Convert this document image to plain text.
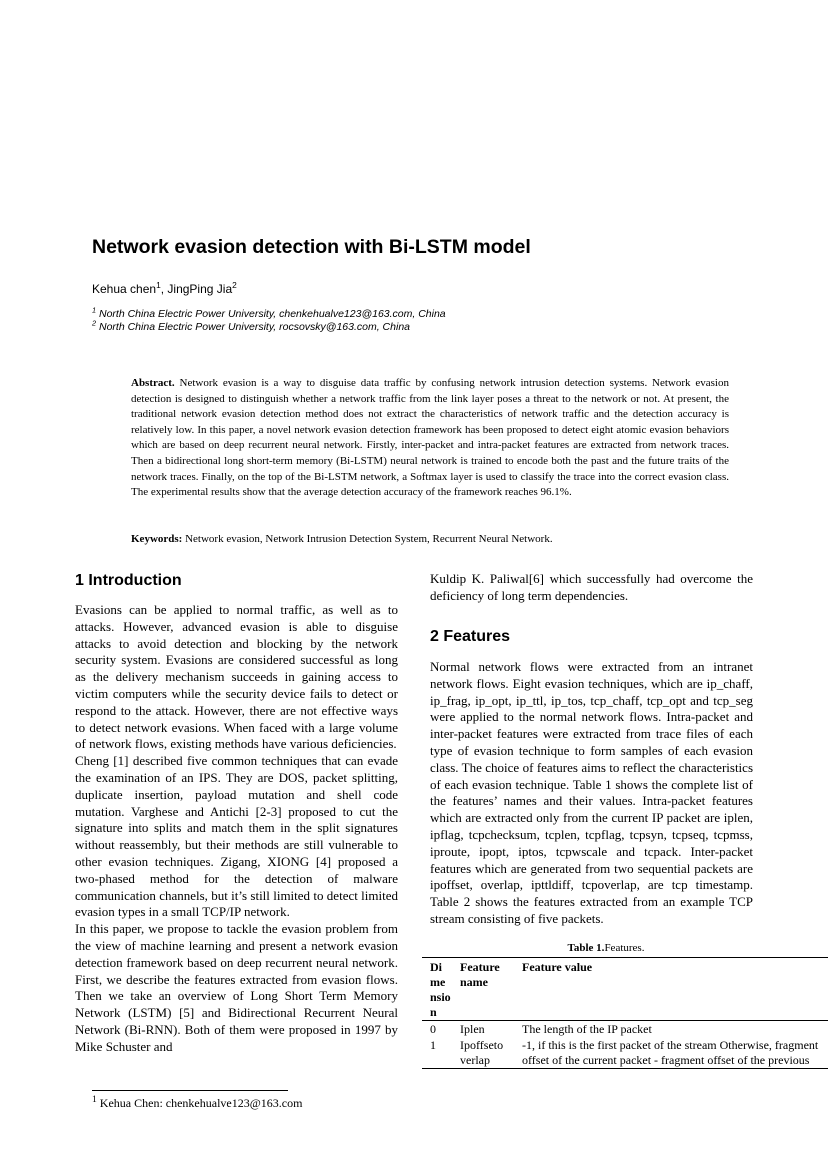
Network evasion detection with Bi-LSTM model
Kehua chen$^1$, JingPing Jia$^2$
$^1$ North China Electric Power University, chenkehualve123@163.com, China
$^2$ North China Electric Power University, rocsovsky@163.com, China
Abstract. Network evasion is a way to disguise data traffic by confusing network intrusion detection systems. Network evasion detection is designed to distinguish whether a network traffic from the link layer poses a threat to the network or not. At present, the traditional network evasion detection method does not extract the characteristics of network traffic and the detection accuracy is relatively low. In this paper, a novel network evasion detection framework has been proposed to detect eight atomic evasion behaviors which are based on deep recurrent neural network. Firstly, inter-packet and intra-packet features are extracted from network traces. Then a bidirectional long short-term memory (Bi-LSTM) neural network is trained to encode both the past and the future traits of the network traces. Finally, on the top of the Bi-LSTM network, a Softmax layer is used to classify the trace into the correct evasion class. The experimental results show that the average detection accuracy of the framework reaches 96.1%.
Keywords: Network evasion, Network Intrusion Detection System, Recurrent Neural Network.
1 Introduction

Evasions can be applied to normal traffic, as well as to attacks. However, advanced evasion is able to disguise attacks to avoid detection and blocking by the network security system. Evasions are considered successful as long as the delivery mechanism succeeds in gaining access to victim computers while the security device fails to detect or respond to the attack. However, there are not effective ways to detect network evasions. When faced with a large volume of network flows, existing methods have various deficiencies.

Cheng [1] described five common techniques that can evade the examination of an IPS. They are DOS, packet splitting, duplicate insertion, payload mutation and shell code mutation. Varghese and Antichi [2-3] proposed to cut the signature into splits and match them in the split signatures without reassembly, but their methods are still vulnerable to other evasion techniques. Zigang, XIONG [4] proposed a two-phased method for the detection of malware communication channels, but it’s still limited to detect limited evasion types in a small TCP/IP network.

In this paper, we propose to tackle the evasion problem from the view of machine learning and present a network evasion detection framework based on deep recurrent neural network. First, we describe the features extracted from evasion flows. Then we take an overview of Long Short Term Memory Network (LSTM) [5] and Bidirectional Recurrent Neural Network (Bi-RNN). Both of them were proposed in 1997 by Mike Schuster and

Kuldip K. Paliwal[6] which successfully had overcome the deficiency of long term dependencies.
2 Features

Normal network flows were extracted from an intranet network flows. Eight evasion techniques, which are ip_chaff, ip_frag, ip_opt, ip_ttl, ip_tos, tcp_chaff, tcp_opt and tcp_seg were applied to the normal network flows. Intra-packet and inter-packet features were extracted from trace files of each type of evasion technique to form samples of each evasion class. The choice of features aims to reflect the characteristics of each evasion technique. Table 1 shows the complete list of the features’ names and their values. Intra-packet features which are extracted only from the current IP packet are iplen, ipflag, tcpchecksum, tcplen, tcpflag, tcpsyn, tcpseq, tcpmss, iproute, ipopt, iptos, tcpwscale and tcpack. Inter-packet features which are generated from two sequential packets are ipoffset, overlap, ipttldiff, tcpoverlap, are tcp timestamp. Table 2 shows the features extracted from an example TCP stream consisting of five packets.

Table 1.Features.
Di me nsio n	Feature name	Feature value
0	Iplen	The length of the IP packet
1	Ipoffseto verlap	-1, if this is the first packet of the stream Otherwise, fragment offset of the current packet - fragment offset of the previous
$^1$ Kehua Chen: chenkehualve123@163.com
